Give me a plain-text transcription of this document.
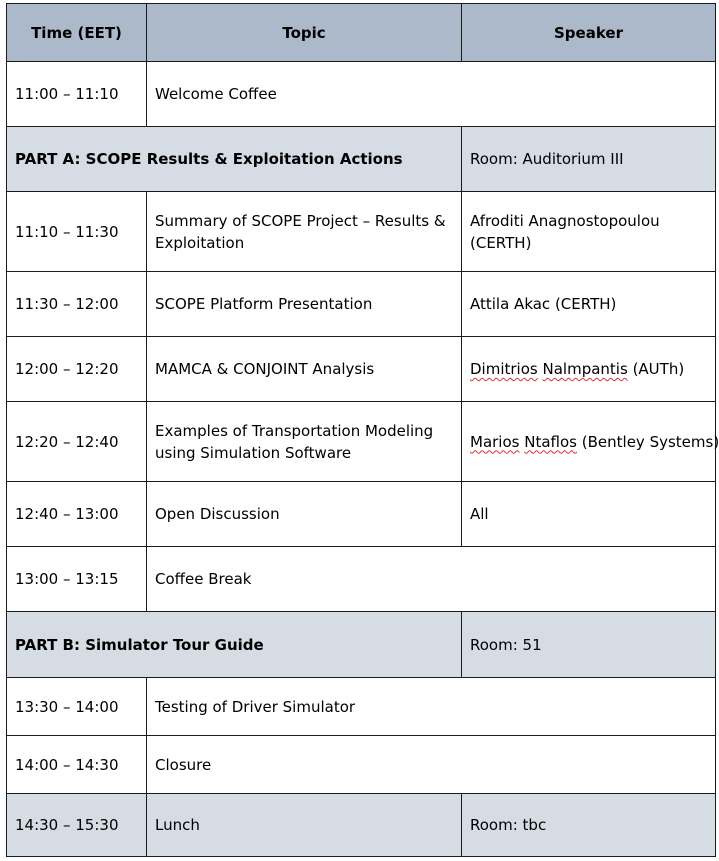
Time (EET)	Topic	Speaker
11:00 – 11:10	Welcome Coffee	
PART A: SCOPE Results & Exploitation Actions		Room: Auditorium III
11:10 – 11:30	Summary of SCOPE Project – Results & Exploitation	Afroditi Anagnostopoulou (CERTH)
11:30 – 12:00	SCOPE Platform Presentation	Attila Akac (CERTH)
12:00 – 12:20	MAMCA & CONJOINT Analysis	Dimitrios Nalmpantis (AUTh)
12:20 – 12:40	Examples of Transportation Modeling using Simulation Software	Marios Ntaflos (Bentley Systems)
12:40 – 13:00	Open Discussion	All
13:00 – 13:15	Coffee Break	
PART B: Simulator Tour Guide		Room: 51
13:30 – 14:00	Testing of Driver Simulator	
14:00 – 14:30	Closure	
14:30 – 15:30	Lunch	Room: tbc
